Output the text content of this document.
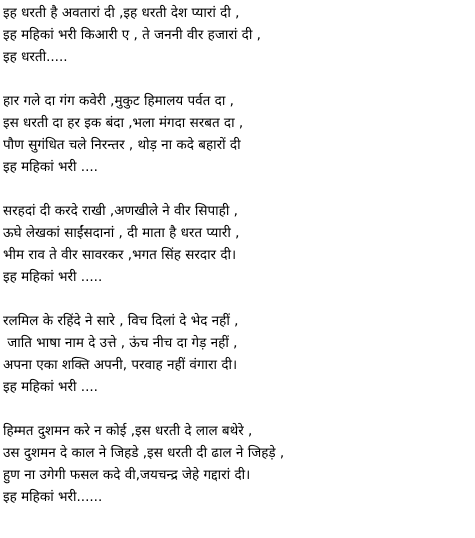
इह धरती है अवतारां दी ,इह धरती देश प्यारां दी ,
इह महिकां भरी किआरी ए , ते जननी वीर हजारां दी ,
इह धरती.....
हार गले दा गंग कवेरी ,मुकुट हिमालय पर्वत दा ,
इस धरती दा हर इक बंदा ,भला मंगदा सरबत दा ,
पौण सुगंधित चले निरन्तर , थोड़ ना कदे बहारों दी
इह महिकां भरी ....
सरहदां दी करदे राखी ,अणखीले ने वीर सिपाही ,
ऊघे लेखकां साईंसदानां , दी माता है धरत प्यारी ,
भीम राव ते वीर सावरकर ,भगत सिंह सरदार दी।
इह महिकां भरी .....
रलमिल के रहिंदे ने सारे , विच दिलां दे भेद नहीं ,
जाति भाषा नाम दे उत्ते , ऊंच नीच दा गेड़ नहीं ,
अपना एका शक्ति अपनी, परवाह नहीं वंगारा दी।
इह महिकां भरी ....
हिम्मत दुशमन करे न कोई ,इस धरती दे लाल बथेरे ,
उस दुशमन दे काल ने जिहडे ,इस धरती दी ढाल ने जिहड़े ,
हुण ना उगेगी फसल कदे वी,जयचन्द्र जेहे गद्दारां दी।
इह महिकां भरी......
